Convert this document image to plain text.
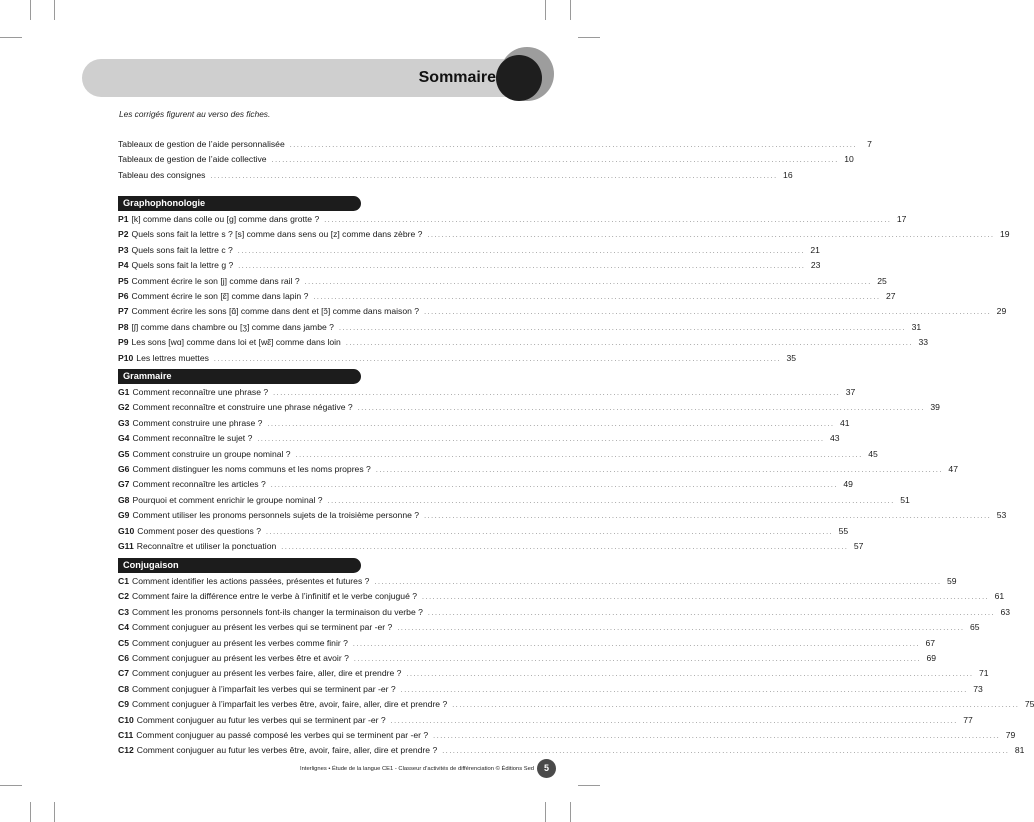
Sommaire
Les corrigés figurent au verso des fiches.
Tableaux de gestion de l’aide personnalisée ................................................................................................................................................................	7
Tableaux de gestion de l’aide collective ................................................................................................................................................................ 10
Tableau des consignes ................................................................................................................................................................ 16
Graphophonologie
P1 [k] comme dans colle ou [g] comme dans grotte ? ................................................................................................................................................................ 17
P2 Quels sons fait la lettre s ? [s] comme dans sens ou [z] comme dans zèbre ? ................................................................................................................................................................ 19
P3 Quels sons fait la lettre c ? ................................................................................................................................................................ 21
P4 Quels sons fait la lettre g ? ................................................................................................................................................................ 23
P5 Comment écrire le son [j] comme dans rail ? ................................................................................................................................................................ 25
P6 Comment écrire le son [ɛ̃] comme dans lapin ? ................................................................................................................................................................ 27
P7 Comment écrire les sons [ɑ̃] comme dans dent et [ɔ̃] comme dans maison ? ................................................................................................................................................................ 29
P8 [ʃ] comme dans chambre ou [ʒ] comme dans jambe ? ................................................................................................................................................................ 31
P9 Les sons [wɑ] comme dans loi et [wɛ̃] comme dans loin ................................................................................................................................................................ 33
P10 Les lettres muettes ................................................................................................................................................................ 35
Grammaire
G1 Comment reconnaître une phrase ? ................................................................................................................................................................ 37
G2 Comment reconnaître et construire une phrase négative ? ................................................................................................................................................................ 39
G3 Comment construire une phrase ? ................................................................................................................................................................ 41
G4 Comment reconnaître le sujet ? ................................................................................................................................................................ 43
G5 Comment construire un groupe nominal ? ................................................................................................................................................................ 45
G6 Comment distinguer les noms communs et les noms propres ? ................................................................................................................................................................ 47
G7 Comment reconnaître les articles ? ................................................................................................................................................................ 49
G8 Pourquoi et comment enrichir le groupe nominal ? ................................................................................................................................................................ 51
G9 Comment utiliser les pronoms personnels sujets de la troisième personne ? ................................................................................................................................................................ 53
G10 Comment poser des questions ? ................................................................................................................................................................ 55
G11 Reconnaître et utiliser la ponctuation ................................................................................................................................................................ 57
Conjugaison
C1 Comment identifier les actions passées, présentes et futures ? ................................................................................................................................................................ 59
C2 Comment faire la différence entre le verbe à l’infinitif et le verbe conjugué ? ................................................................................................................................................................ 61
C3 Comment les pronoms personnels font-ils changer la terminaison du verbe ? ................................................................................................................................................................ 63
C4 Comment conjuguer au présent les verbes qui se terminent par -er ? ................................................................................................................................................................ 65
C5 Comment conjuguer au présent les verbes comme finir ? ................................................................................................................................................................ 67
C6 Comment conjuguer au présent les verbes être et avoir ? ................................................................................................................................................................ 69
C7 Comment conjuguer au présent les verbes faire, aller, dire et prendre ? ................................................................................................................................................................ 71
C8 Comment conjuguer à l’imparfait les verbes qui se terminent par -er ? ................................................................................................................................................................ 73
C9 Comment conjuguer à l’imparfait les verbes être, avoir, faire, aller, dire et prendre ? ................................................................................................................................................................ 75
C10 Comment conjuguer au futur les verbes qui se terminent par -er ? ................................................................................................................................................................ 77
C11 Comment conjuguer au passé composé les verbes qui se terminent par -er ? ................................................................................................................................................................ 79
C12 Comment conjuguer au futur les verbes être, avoir, faire, aller, dire et prendre ? ................................................................................................................................................................ 81
Interlignes • Étude de la langue CE1 - Classeur d’activités de différenciation © Éditions Sed	5
